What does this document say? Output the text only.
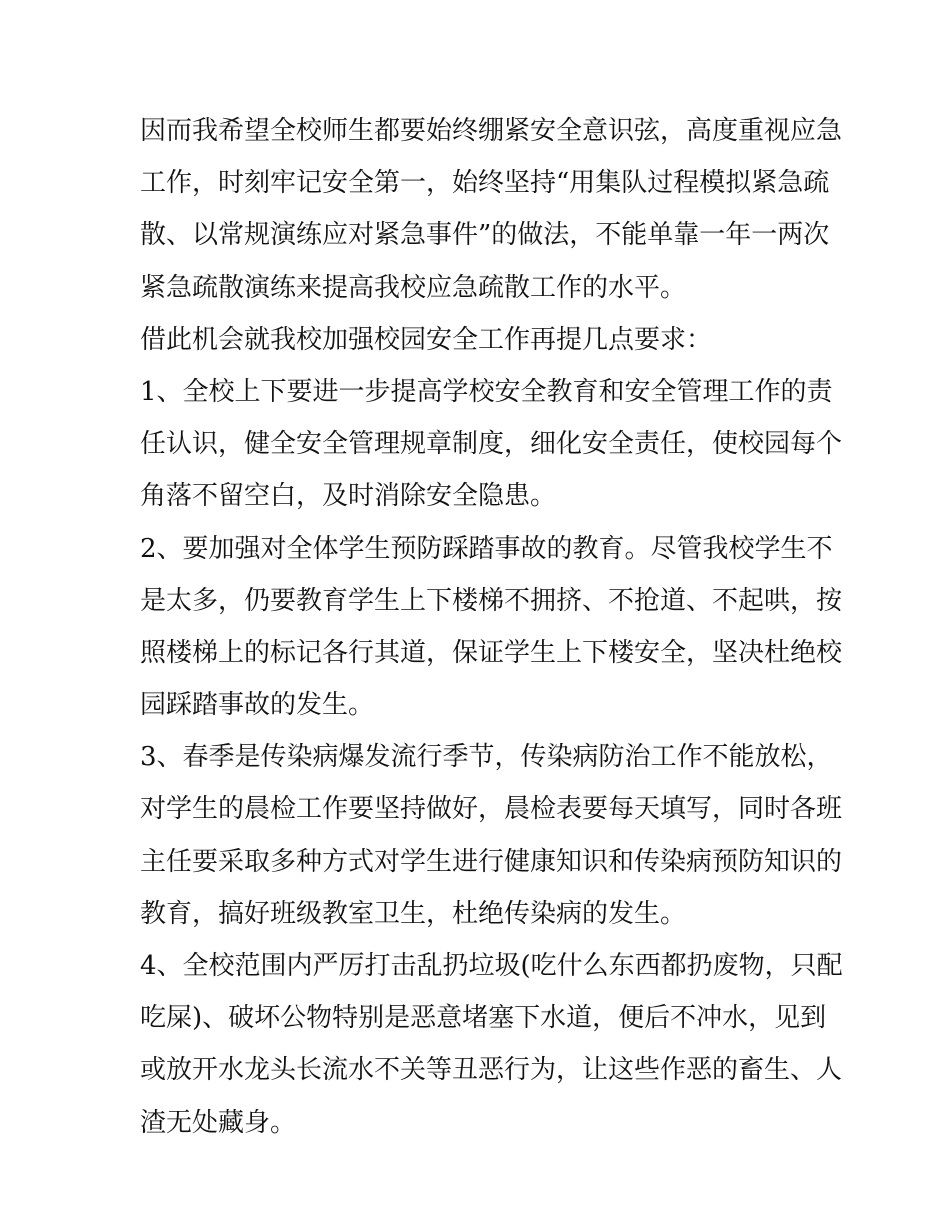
因而我希望全校师生都要始终绷紧安全意识弦，高度重视应急
工作，时刻牢记安全第一，始终坚持“用集队过程模拟紧急疏
散、以常规演练应对紧急事件”的做法，不能单靠一年一两次
紧急疏散演练来提高我校应急疏散工作的水平。
借此机会就我校加强校园安全工作再提几点要求：
1、全校上下要进一步提高学校安全教育和安全管理工作的责
任认识，健全安全管理规章制度，细化安全责任，使校园每个
角落不留空白，及时消除安全隐患。
2、要加强对全体学生预防踩踏事故的教育。尽管我校学生不
是太多，仍要教育学生上下楼梯不拥挤、不抢道、不起哄，按
照楼梯上的标记各行其道，保证学生上下楼安全，坚决杜绝校
园踩踏事故的发生。
3、春季是传染病爆发流行季节，传染病防治工作不能放松，
对学生的晨检工作要坚持做好，晨检表要每天填写，同时各班
主任要采取多种方式对学生进行健康知识和传染病预防知识的
教育，搞好班级教室卫生，杜绝传染病的发生。
4、全校范围内严厉打击乱扔垃圾(吃什么东西都扔废物，只配
吃屎)、破坏公物特别是恶意堵塞下水道，便后不冲水，见到
或放开水龙头长流水不关等丑恶行为，让这些作恶的畜生、人
渣无处藏身。
